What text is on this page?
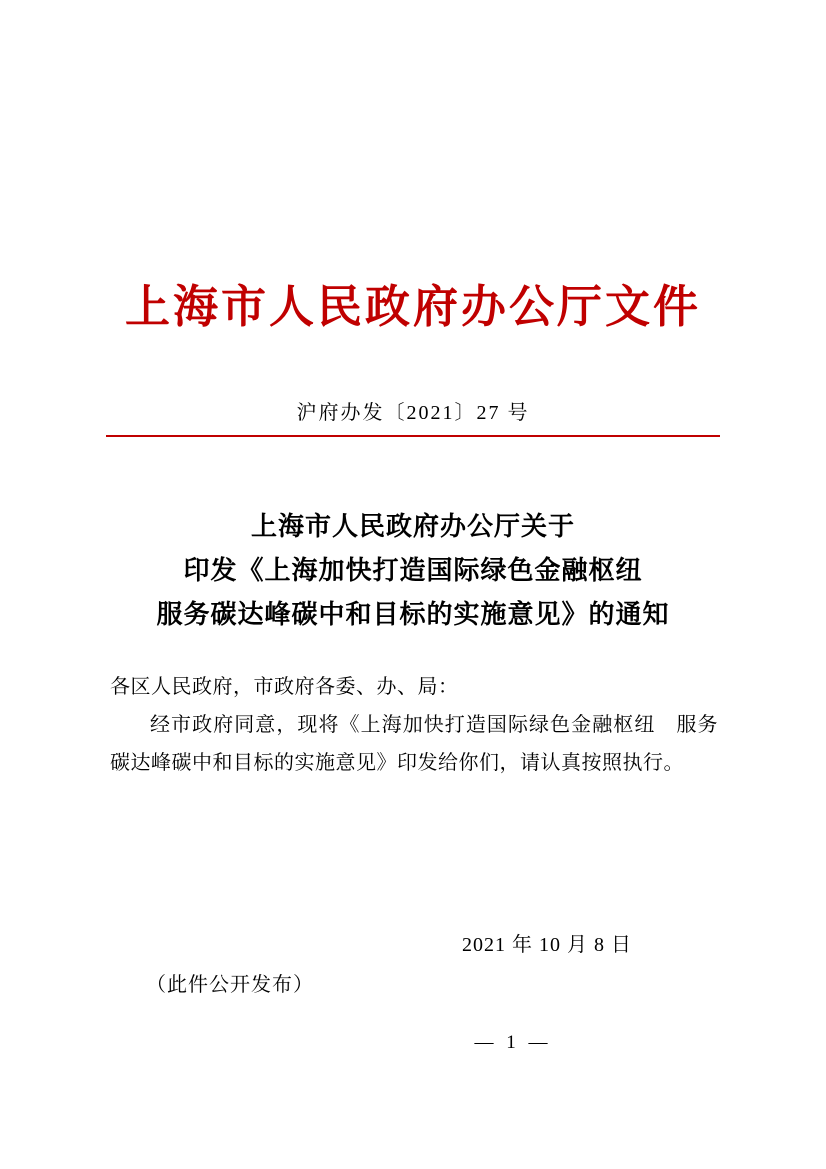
上海市人民政府办公厅文件
沪府办发〔2021〕27 号
上海市人民政府办公厅关于
印发《上海加快打造国际绿色金融枢纽
服务碳达峰碳中和目标的实施意见》的通知
各区人民政府，市政府各委、办、局：
经市政府同意，现将《上海加快打造国际绿色金融枢纽　服务碳达峰碳中和目标的实施意见》印发给你们，请认真按照执行。
2021 年 10 月 8 日
（此件公开发布）
— 1 —
